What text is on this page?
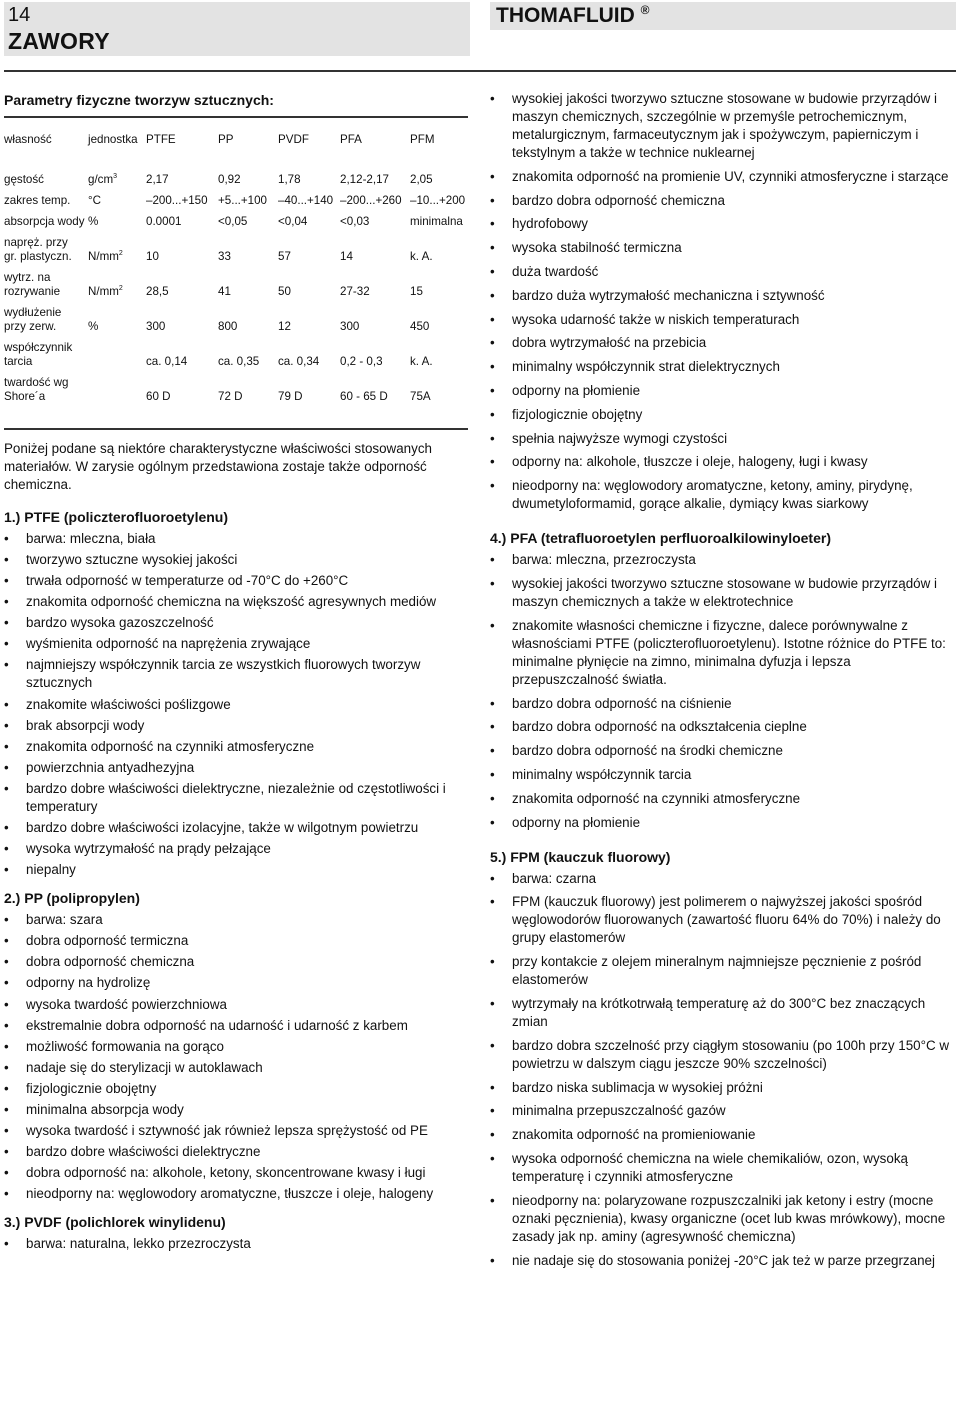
14
ZAWORY
THOMAFLUID ®
Parametry fizyczne tworzyw sztucznych:
własność	jednostka	PTFE	PP	PVDF	PFA	PFM
gęstość	$g/cm^3$	2,17	0,92	1,78	2,12-2,17	2,05
zakres temp.	°C	–200...+150	+5...+100	–40...+140	–200...+260	–10...+200
absorpcja wody	%	0.0001	<0,05	<0,04	<0,03	minimalna
napręż. przy
gr. plastyczn.	$N/mm^2$	10	33	57	14	k. A.
wytrz. na
rozrywanie	$N/mm^2$	28,5	41	50	27-32	15
wydłużenie
przy zerw.	%	300	800	12	300	450
współczynnik
tarcia		ca. 0,14	ca. 0,35	ca. 0,34	0,2 - 0,3	k. A.
twardość wg
Shore´a		60 D	72 D	79 D	60 - 65 D	75A
Poniżej podane są niektóre charakterystyczne właściwości stosowanych materiałów. W zarysie ogólnym przedstawiona zostaje także odporność chemiczna.
1.) PTFE (policzterofluoroetylenu)
• barwa: mleczna, biała
• tworzywo sztuczne wysokiej jakości
• trwała odporność w temperaturze od -70°C do +260°C
• znakomita odporność chemiczna na większość agresywnych mediów
• bardzo wysoka gazoszczelność
• wyśmienita odporność na naprężenia zrywające
• najmniejszy współczynnik tarcia ze wszystkich fluorowych tworzyw sztucznych
• znakomite właściwości poślizgowe
• brak absorpcji wody
• znakomita odporność na czynniki atmosferyczne
• powierzchnia antyadhezyjna
• bardzo dobre właściwości dielektryczne, niezależnie od częstotliwości i temperatury
• bardzo dobre właściwości izolacyjne, także w wilgotnym powietrzu
• wysoka wytrzymałość na prądy pełzające
• niepalny
2.) PP (polipropylen)
• barwa: szara
• dobra odporność termiczna
• dobra odporność chemiczna
• odporny na hydrolizę
• wysoka twardość powierzchniowa
• ekstremalnie dobra odporność na udarność i udarność z karbem
• możliwość formowania na gorąco
• nadaje się do sterylizacji w autoklawach
• fizjologicznie obojętny
• minimalna absorpcja wody
• wysoka twardość i sztywność jak również lepsza sprężystość od PE
• bardzo dobre właściwości dielektryczne
• dobra odporność na: alkohole, ketony, skoncentrowane kwasy i ługi
• nieodporny na: węglowodory aromatyczne, tłuszcze i oleje, halogeny
3.) PVDF (polichlorek winylidenu)
• barwa: naturalna, lekko przezroczysta
• wysokiej jakości tworzywo sztuczne stosowane w budowie przyrządów i maszyn chemicznych, szczególnie w przemyśle petrochemicznym, metalurgicznym, farmaceutycznym jak i spożywczym, papierniczym i tekstylnym a także w technice nuklearnej
• znakomita odporność na promienie UV, czynniki atmosferyczne i starzące
• bardzo dobra odporność chemiczna
• hydrofobowy
• wysoka stabilność termiczna
• duża twardość
• bardzo duża wytrzymałość mechaniczna i sztywność
• wysoka udarność także w niskich temperaturach
• dobra wytrzymałość na przebicia
• minimalny współczynnik strat dielektrycznych
• odporny na płomienie
• fizjologicznie obojętny
• spełnia najwyższe wymogi czystości
• odporny na: alkohole, tłuszcze i oleje, halogeny, ługi i kwasy
• nieodporny na: węglowodory aromatyczne, ketony, aminy, pirydynę, dwumetyloformamid, gorące alkalie, dymiący kwas siarkowy
4.) PFA (tetrafluoroetylen perfluoroalkilowinyloeter)
• barwa: mleczna, przezroczysta
• wysokiej jakości tworzywo sztuczne stosowane w budowie przyrządów i maszyn chemicznych a także w elektrotechnice
• znakomite własności chemiczne i fizyczne, dalece porównywalne z własnościami PTFE (policzterofluoroetylenu). Istotne różnice do PTFE to: minimalne płynięcie na zimno, minimalna dyfuzja i lepsza przepuszczalność światła.
• bardzo dobra odporność na ciśnienie
• bardzo dobra odporność na odkształcenia cieplne
• bardzo dobra odporność na środki chemiczne
• minimalny współczynnik tarcia
• znakomita odporność na czynniki atmosferyczne
• odporny na płomienie
5.) FPM (kauczuk fluorowy)
• barwa: czarna
• FPM (kauczuk fluorowy) jest polimerem o najwyższej jakości spośród węglowodorów fluorowanych (zawartość fluoru 64% do 70%) i należy do grupy elastomerów
• przy kontakcie z olejem mineralnym najmniejsze pęcznienie z pośród elastomerów
• wytrzymały na krótkotrwałą temperaturę aż do 300°C bez znaczących zmian
• bardzo dobra szczelność przy ciągłym stosowaniu (po 100h przy 150°C w powietrzu w dalszym ciągu jeszcze 90% szczelności)
• bardzo niska sublimacja w wysokiej próżni
• minimalna przepuszczalność gazów
• znakomita odporność na promieniowanie
• wysoka odporność chemiczna na wiele chemikaliów, ozon, wysoką temperaturę i czynniki atmosferyczne
• nieodporny na: polaryzowane rozpuszczalniki jak ketony i estry (mocne oznaki pęcznienia), kwasy organiczne (ocet lub kwas mrówkowy), mocne zasady jak np. aminy (agresywność chemiczna)
• nie nadaje się do stosowania poniżej -20°C jak też w parze przegrzanej
